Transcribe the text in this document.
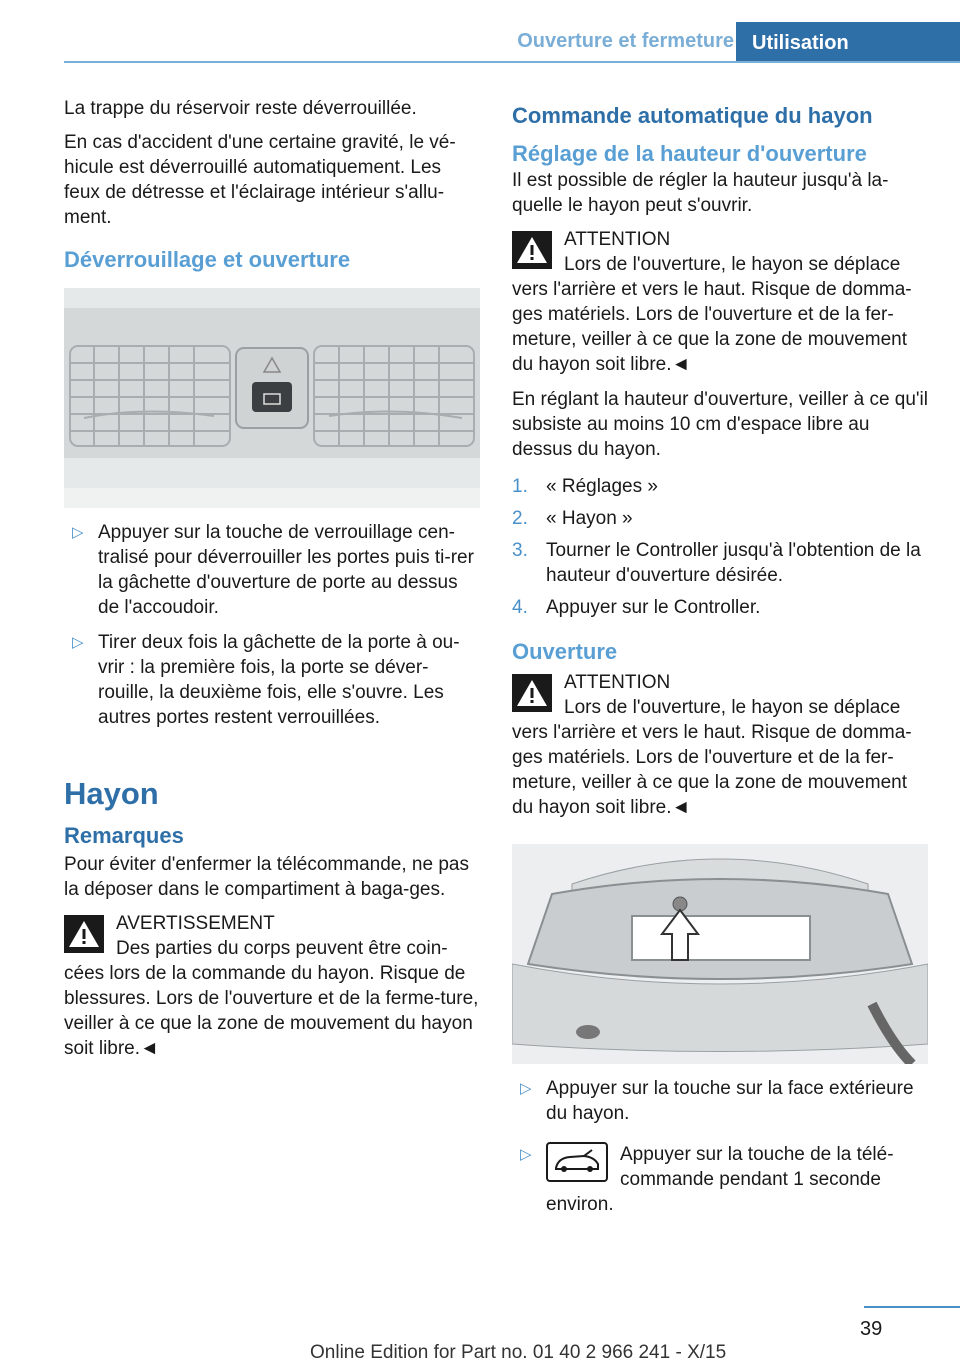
Ouverture et fermeture Utilisation

La trappe du réservoir reste déverrouillée.

En cas d'accident d'une certaine gravité, le vé-hicule est déverrouillé automatiquement. Les feux de détresse et l'éclairage intérieur s'allu-ment.

Déverrouillage et ouverture
▷ Appuyer sur la touche de verrouillage cen-tralisé pour déverrouiller les portes puis ti-rer la gâchette d'ouverture de porte au dessus de l'accoudoir.
▷ Tirer deux fois la gâchette de la porte à ou-vrir : la première fois, la porte se déver-rouille, la deuxième fois, elle s'ouvre. Les autres portes restent verrouillées.
Hayon
Remarques

Pour éviter d'enfermer la télécommande, ne pas la déposer dans le compartiment à baga-ges.

AVERTISSEMENT
Des parties du corps peuvent être coin-cées lors de la commande du hayon. Risque de blessures. Lors de l'ouverture et de la ferme-ture, veiller à ce que la zone de mouvement du hayon soit libre.◄
Commande automatique du hayon
Réglage de la hauteur d'ouverture

Il est possible de régler la hauteur jusqu'à la-quelle le hayon peut s'ouvrir.

ATTENTION
Lors de l'ouverture, le hayon se déplace vers l'arrière et vers le haut. Risque de domma-ges matériels. Lors de l'ouverture et de la fer-meture, veiller à ce que la zone de mouvement du hayon soit libre.◄

En réglant la hauteur d'ouverture, veiller à ce qu'il subsiste au moins 10 cm d'espace libre au dessus du hayon.

1. « Réglages »
2. « Hayon »
3. Tourner le Controller jusqu'à l'obtention de la hauteur d'ouverture désirée.
4. Appuyer sur le Controller.
Ouverture
ATTENTION
Lors de l'ouverture, le hayon se déplace vers l'arrière et vers le haut. Risque de domma-ges matériels. Lors de l'ouverture et de la fer-meture, veiller à ce que la zone de mouvement du hayon soit libre.◄
▷ Appuyer sur la touche sur la face extérieure du hayon.
▷	Appuyer sur la touche de la télé-commande pendant 1 seconde environ.
39
Online Edition for Part no. 01 40 2 966 241 - X/15
